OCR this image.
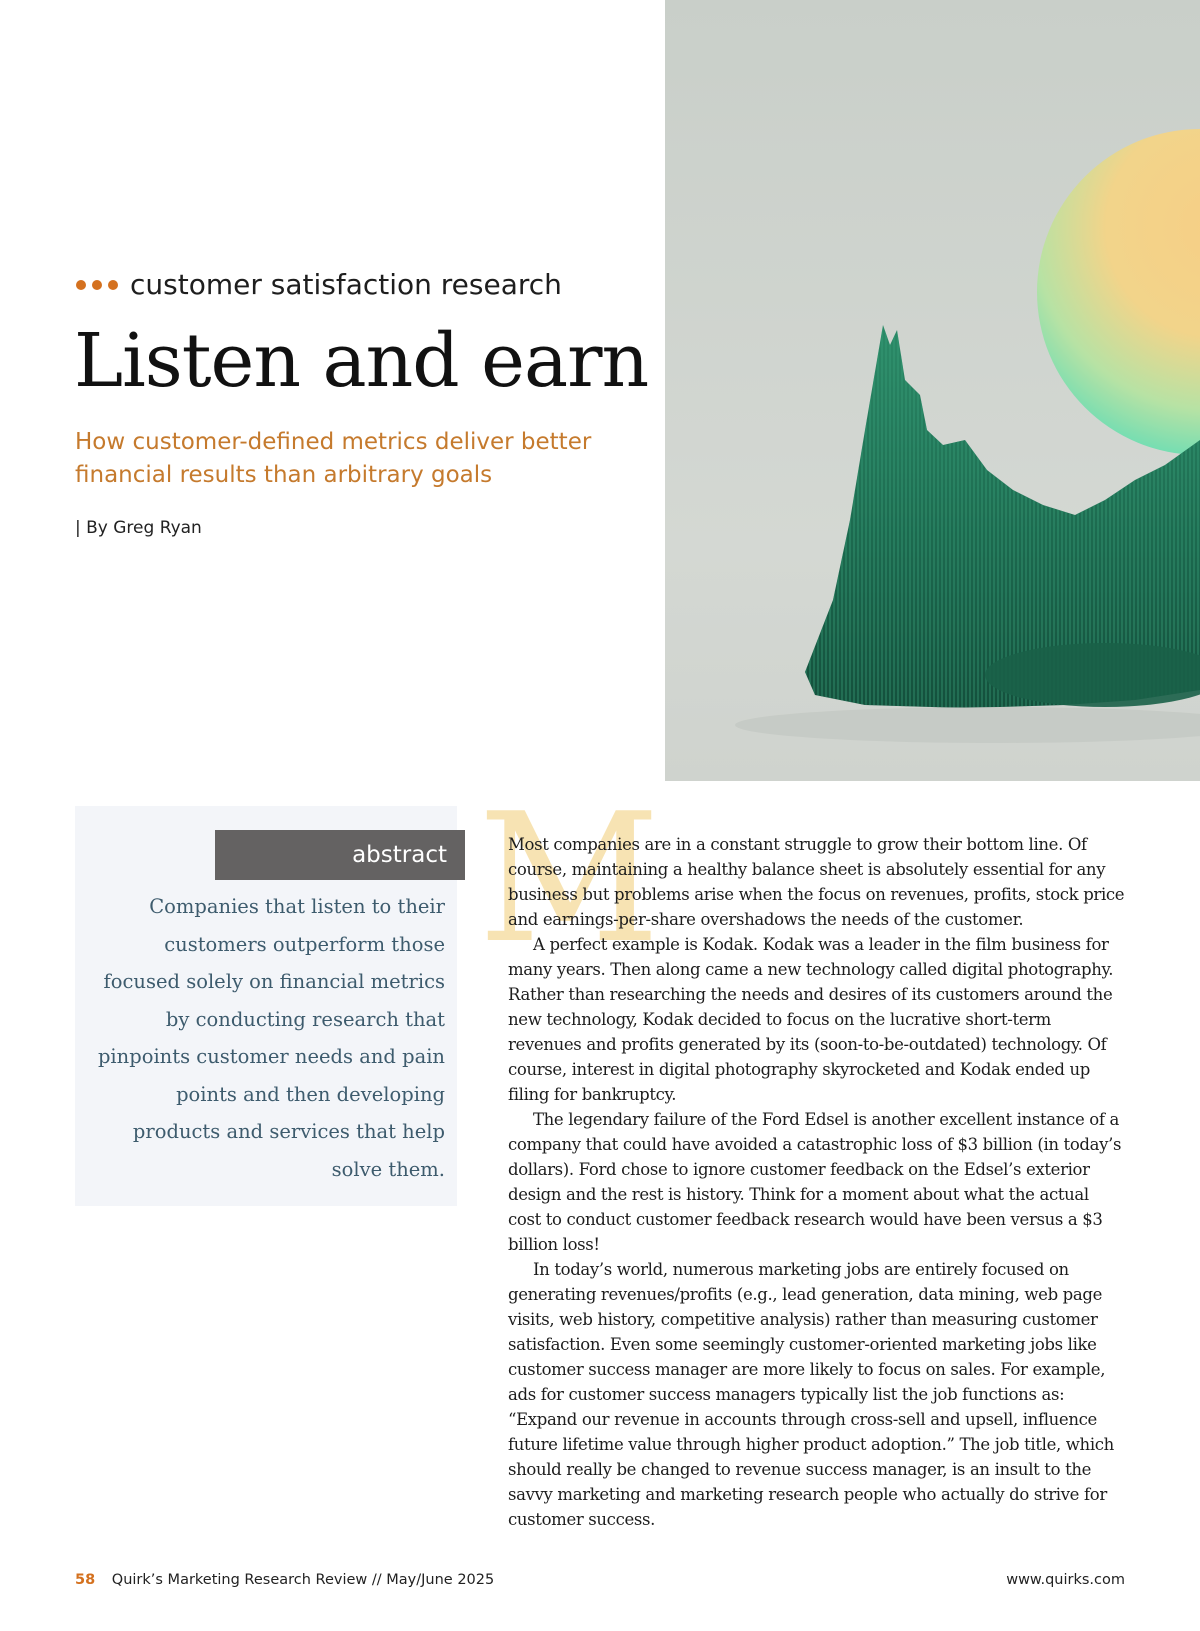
customer satisfaction research
Listen and earn

How customer-defined metrics deliver better financial results than arbitrary goals

| By Greg Ryan
abstract

Companies that listen to their customers outperform those focused solely on financial metrics by conducting research that pinpoints customer needs and pain points and then developing products and services that help solve them.

M

Most companies are in a constant struggle to grow their bottom line. Of course, maintaining a healthy balance sheet is absolutely essential for any business but problems arise when the focus on revenues, profits, stock price and earnings-per-share overshadows the needs of the customer.

A perfect example is Kodak. Kodak was a leader in the film business for many years. Then along came a new technology called digital photography. Rather than researching the needs and desires of its customers around the new technology, Kodak decided to focus on the lucrative short-term revenues and profits generated by its (soon-to-be-outdated) technology. Of course, interest in digital photography skyrocketed and Kodak ended up filing for bankruptcy.

The legendary failure of the Ford Edsel is another excellent instance of a company that could have avoided a catastrophic loss of $3 billion (in today’s dollars). Ford chose to ignore customer feedback on the Edsel’s exterior design and the rest is history. Think for a moment about what the actual cost to conduct customer feedback research would have been versus a $3 billion loss!

In today’s world, numerous marketing jobs are entirely focused on generating revenues/profits (e.g., lead generation, data mining, web page visits, web history, competitive analysis) rather than measuring customer satisfaction. Even some seemingly customer-oriented marketing jobs like customer success manager are more likely to focus on sales. For example, ads for customer success managers typically list the job functions as: “Expand our revenue in accounts through cross-sell and upsell, influence future lifetime value through higher product adoption.” The job title, which should really be changed to revenue success manager, is an insult to the savvy marketing and marketing research people who actually do strive for customer success.

58 Quirk’s Marketing Research Review // May/June 2025	www.quirks.com
